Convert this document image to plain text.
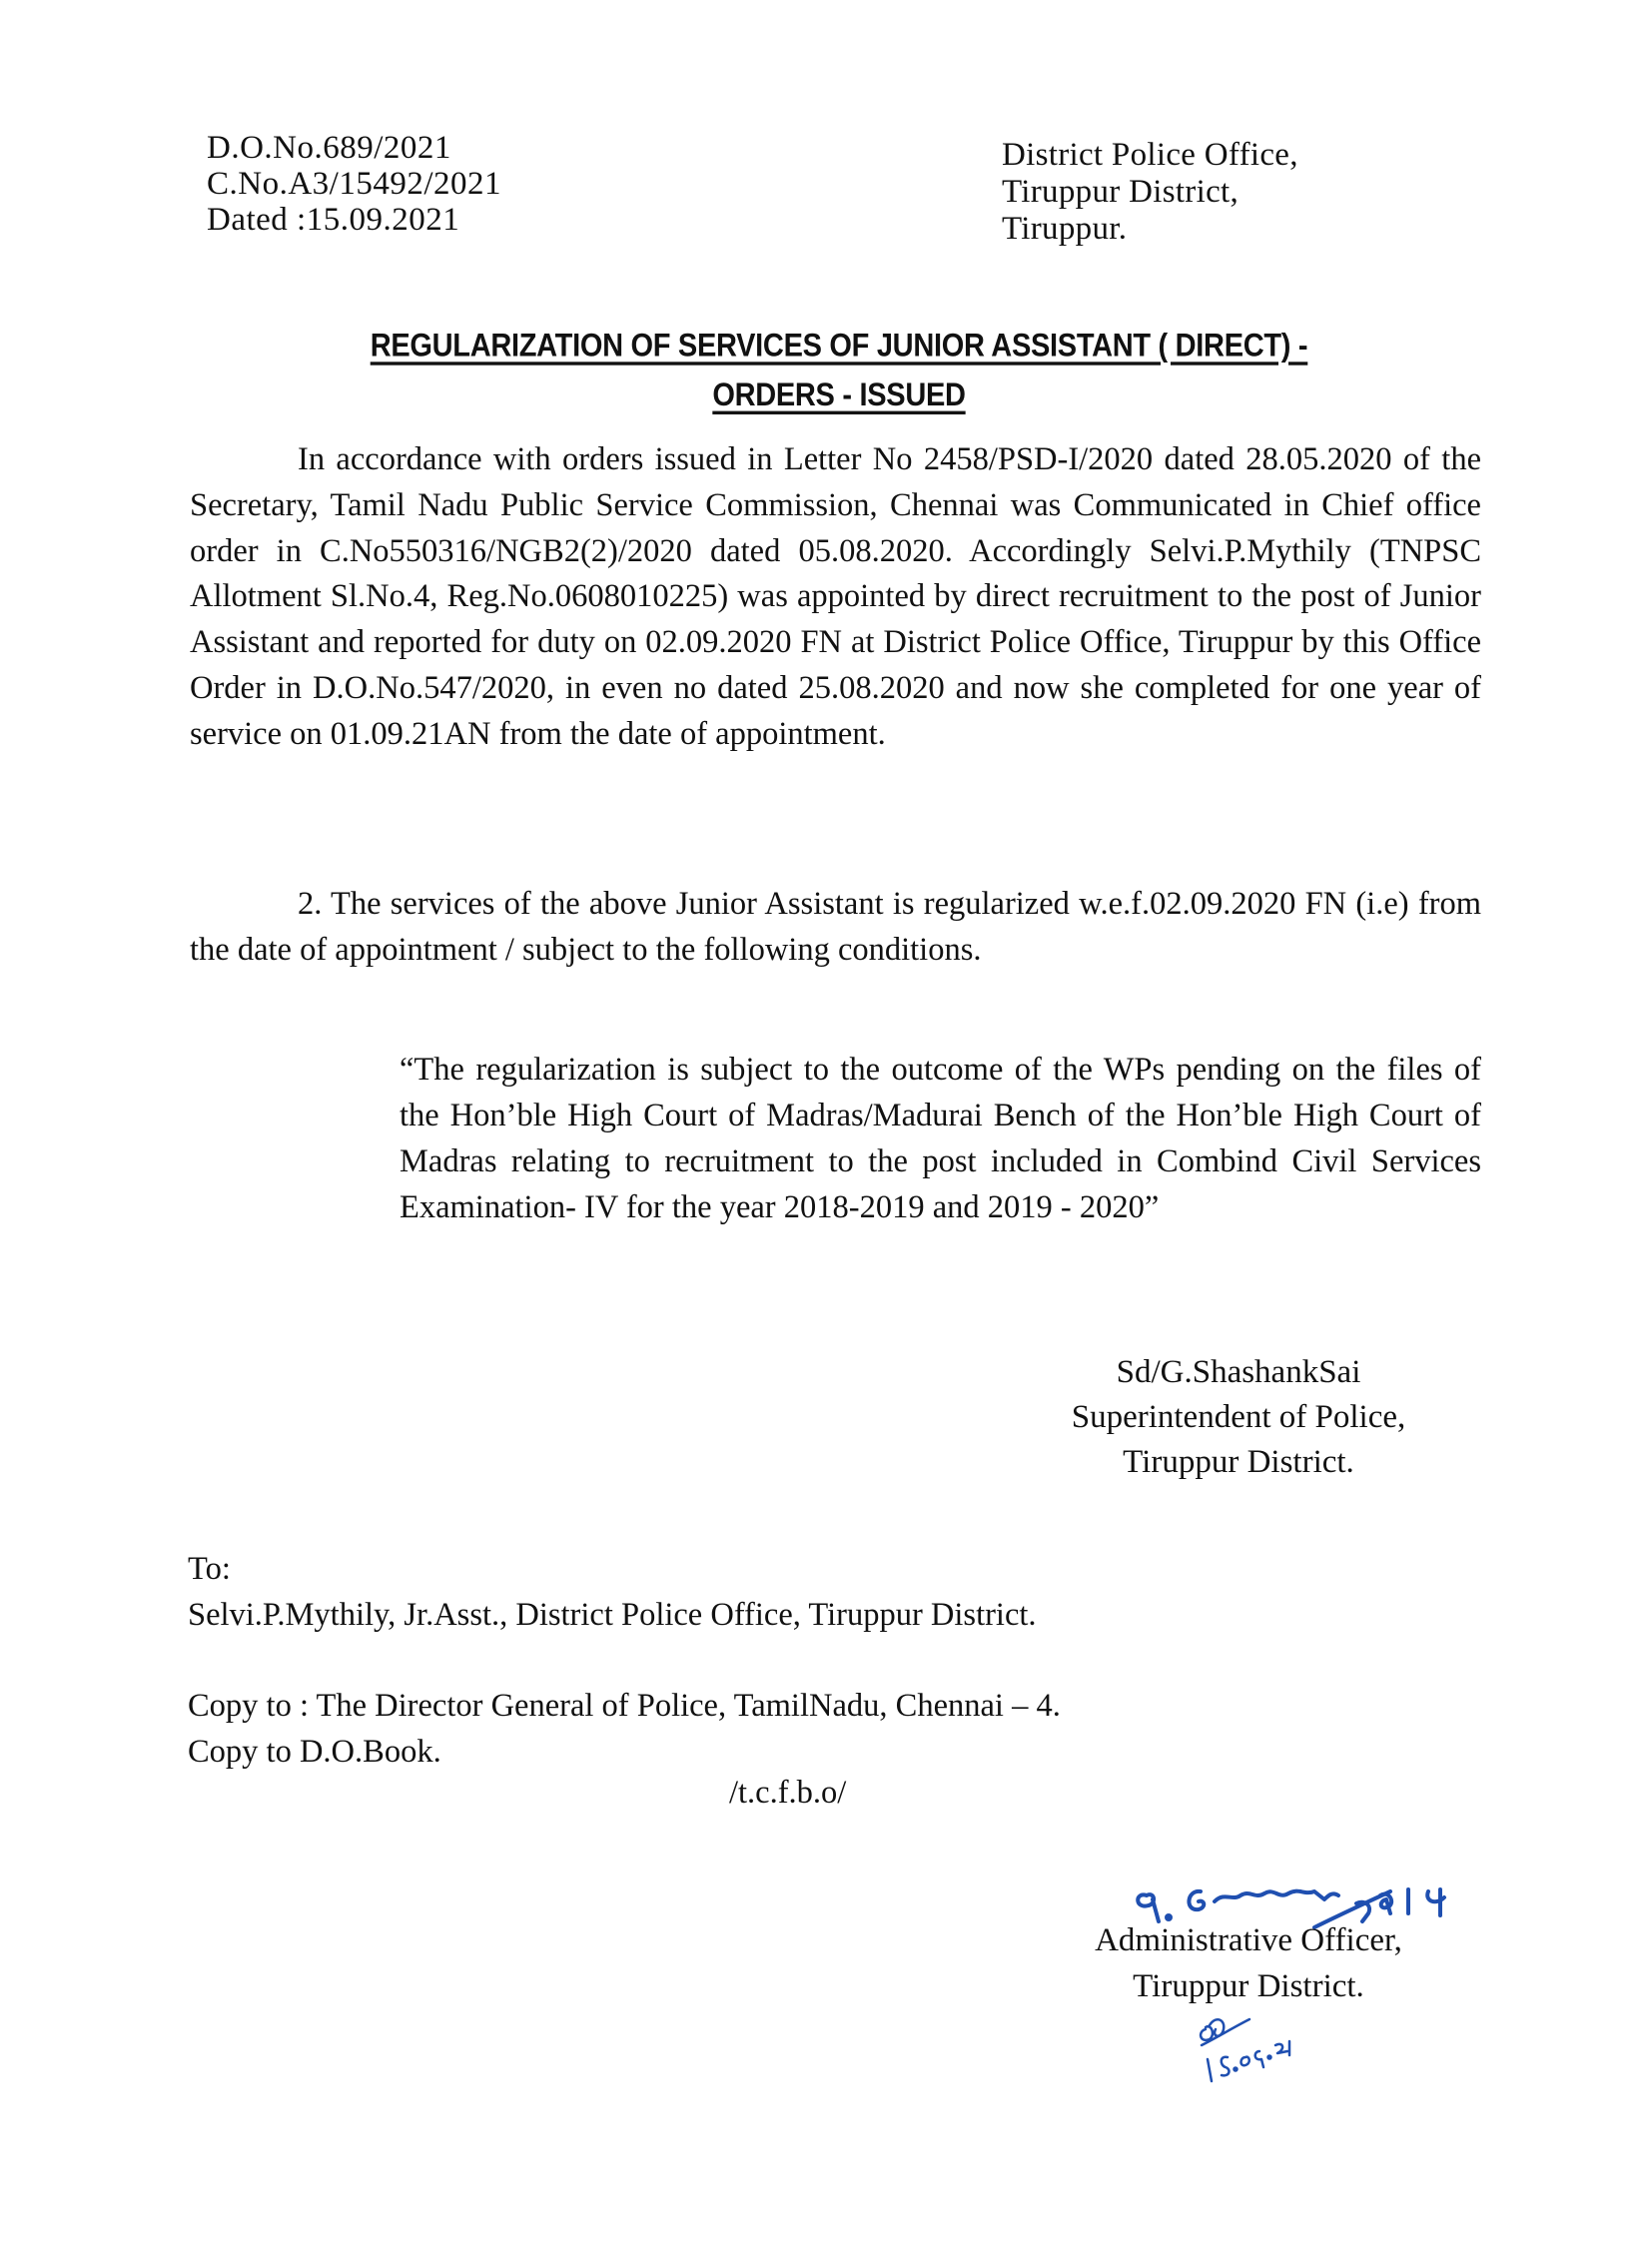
D.O.No.689/2021
C.No.A3/15492/2021
Dated :15.09.2021
District Police Office,
Tiruppur District,
Tiruppur.
REGULARIZATION OF SERVICES OF JUNIOR ASSISTANT ( DIRECT) -
ORDERS - ISSUED
In accordance with orders issued in Letter No 2458/PSD-I/2020 dated 28.05.2020 of the Secretary, Tamil Nadu Public Service Commission, Chennai was Communicated in Chief office order in C.No550316/NGB2(2)/2020 dated 05.08.2020. Accordingly Selvi.P.Mythily (TNPSC Allotment Sl.No.4, Reg.No.0608010225) was appointed by direct recruitment to the post of Junior Assistant and reported for duty on 02.09.2020 FN at District Police Office, Tiruppur by this Office Order in D.O.No.547/2020, in even no dated 25.08.2020 and now she completed for one year of service on 01.09.21AN from the date of appointment.
2. The services of the above Junior Assistant is regularized w.e.f.02.09.2020 FN (i.e) from the date of appointment / subject to the following conditions.
“The regularization is subject to the outcome of the WPs pending on the files of the Hon’ble High Court of Madras/Madurai Bench of the Hon’ble High Court of Madras relating to recruitment to the post included in Combind Civil Services Examination- IV for the year 2018-2019 and 2019 - 2020”
Sd/G.ShashankSai
Superintendent of Police,
Tiruppur District.
To:
Selvi.P.Mythily, Jr.Asst., District Police Office, Tiruppur District.
Copy to : The Director General of Police, TamilNadu, Chennai – 4.
Copy to D.O.Book.
/t.c.f.b.o/
Administrative Officer,
Tiruppur District.
